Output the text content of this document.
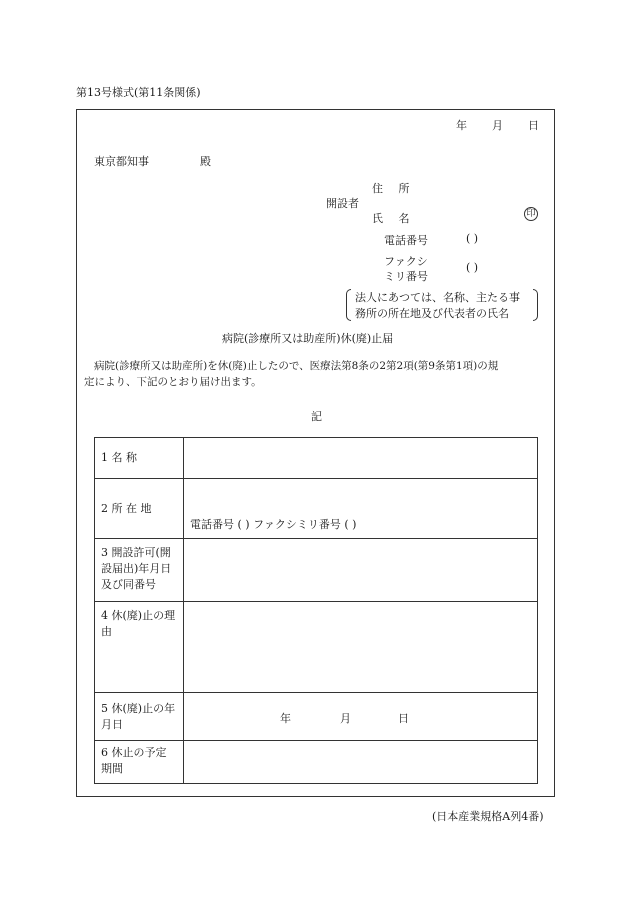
第13号様式(第11条関係)
年 月 日
東京都知事	殿
住 所
開設者
氏 名	印
電話番号	( )
ファクシ
ミリ番号
( )
法人にあつては、名称、主たる事
務所の所在地及び代表者の氏名
病院(診療所又は助産所)休(廃)止届
病院(診療所又は助産所)を休(廃)止したので、医療法第8条の2第2項(第9条第1項)の規
定により、下記のとおり届け出ます。
記
1 名 称	

2 所 在 地	電話番号 ( ) ファクシミリ番号 ( )

3 開設許可(開設届出)年月日及び同番号	

4 休(廃)止の理由	

5 休(廃)止の年月日	年 月 日

6 休止の予定期間	

(日本産業規格A列4番)
